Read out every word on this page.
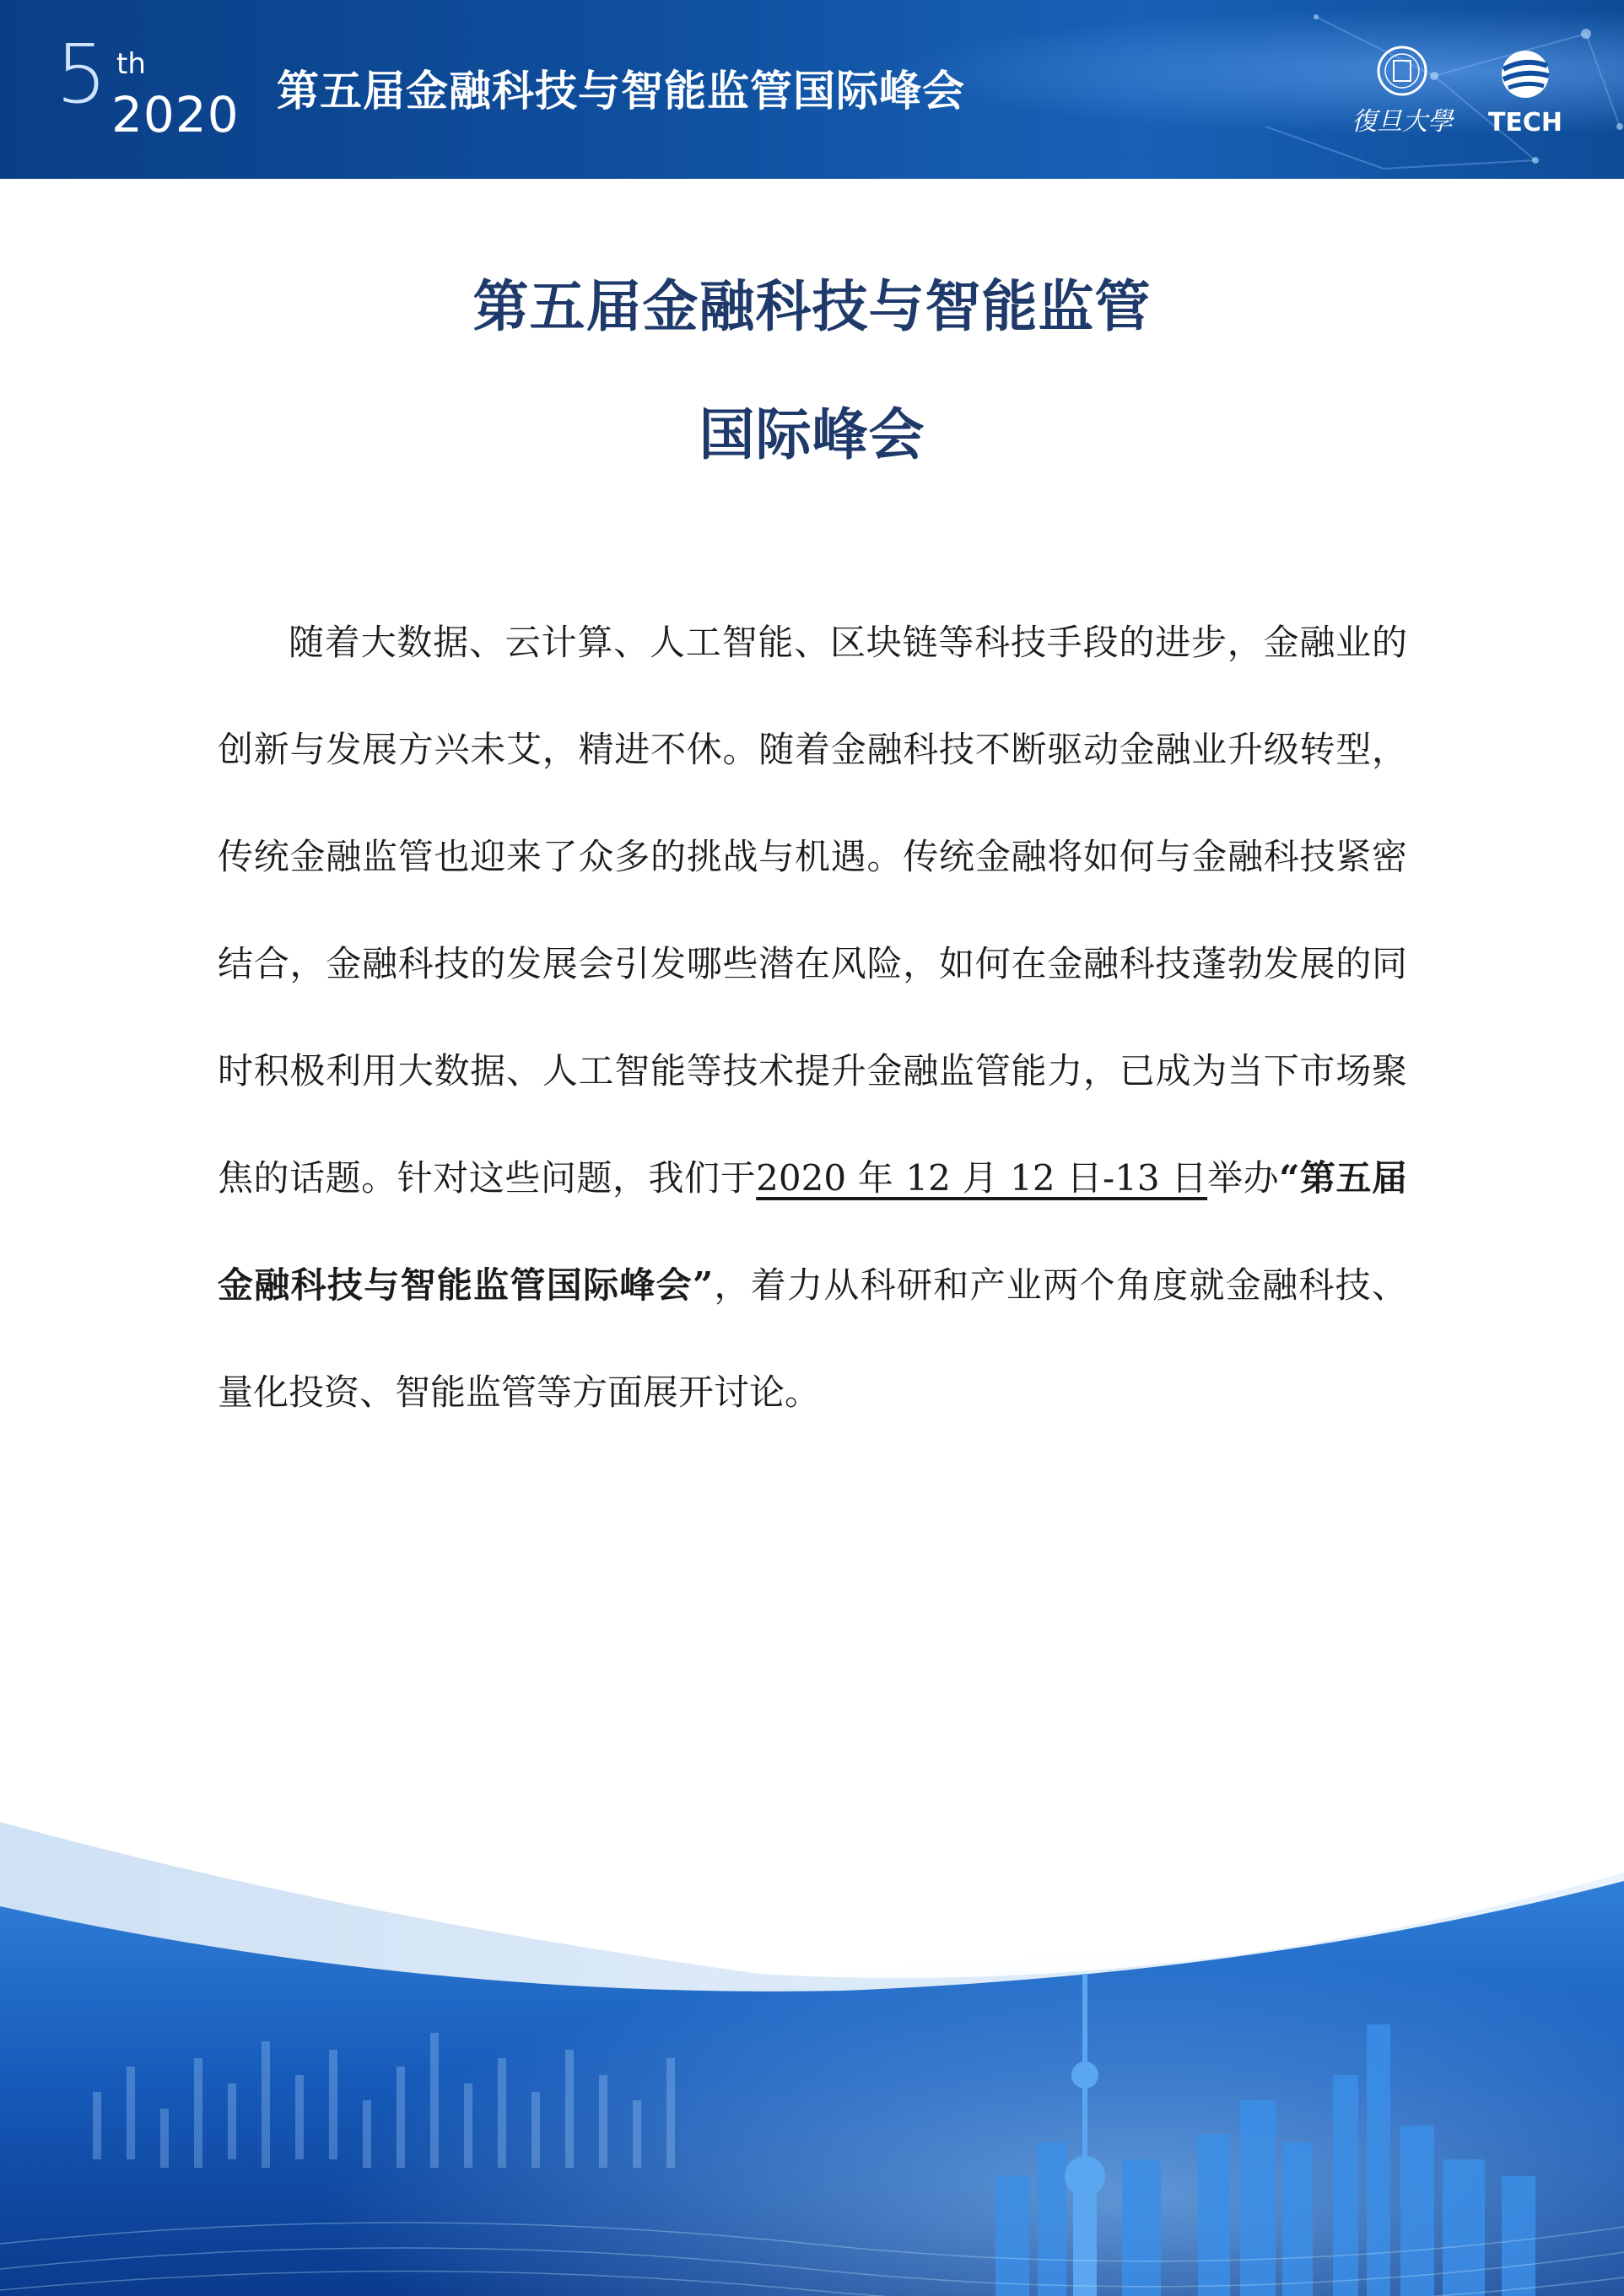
5 th
2020 第五届金融科技与智能监管国际峰会
復旦大學 TECH
第五届金融科技与智能监管
国际峰会

随着大数据、云计算、人工智能、区块链等科技手段的进步，金融业的创新与发展方兴未艾，精进不休。随着金融科技不断驱动金融业升级转型，传统金融监管也迎来了众多的挑战与机遇。传统金融将如何与金融科技紧密结合，金融科技的发展会引发哪些潜在风险，如何在金融科技蓬勃发展的同时积极利用大数据、人工智能等技术提升金融监管能力，已成为当下市场聚焦的话题。针对这些问题，我们于2020 年 12 月 12 日-13 日举办“第五届金融科技与智能监管国际峰会”，着力从科研和产业两个角度就金融科技、量化投资、智能监管等方面展开讨论。
